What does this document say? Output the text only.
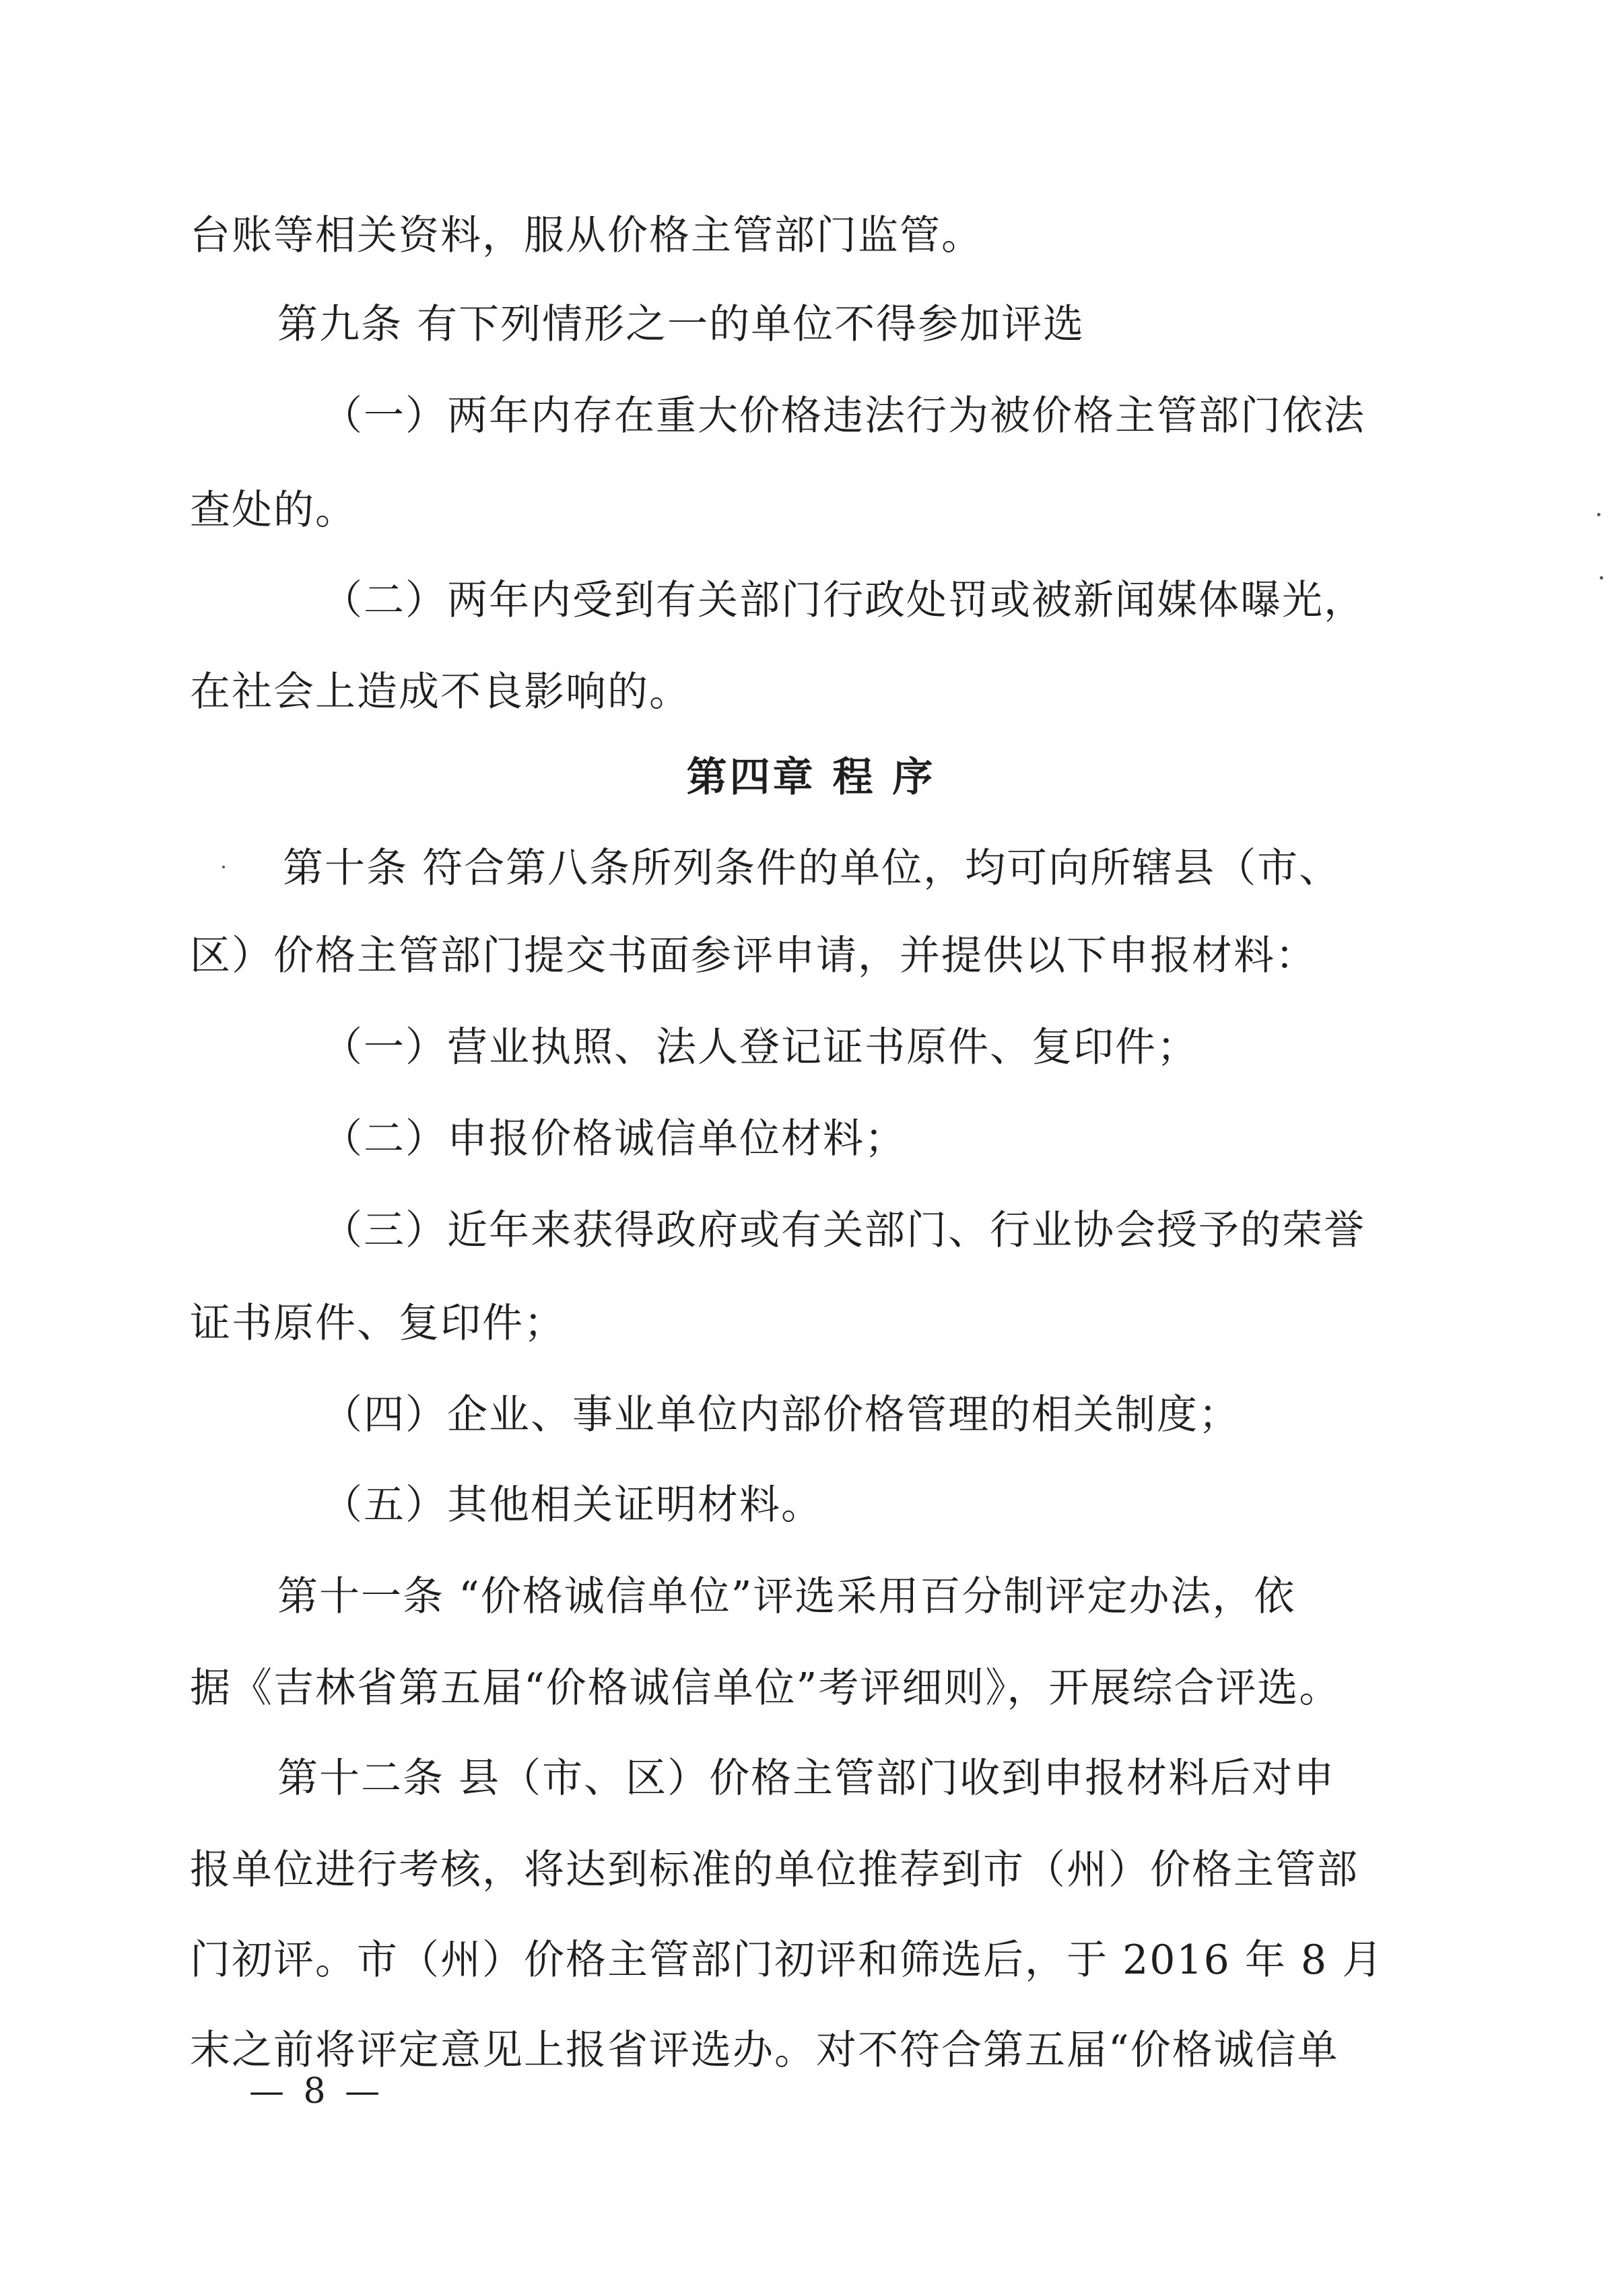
台账等相关资料，服从价格主管部门监管。
第九条 有下列情形之一的单位不得参加评选
（一）两年内存在重大价格违法行为被价格主管部门依法
查处的。
（二）两年内受到有关部门行政处罚或被新闻媒体曝光，
在社会上造成不良影响的。
第四章 程 序
第十条 符合第八条所列条件的单位，均可向所辖县（市、
区）价格主管部门提交书面参评申请，并提供以下申报材料：
（一）营业执照、法人登记证书原件、复印件；
（二）申报价格诚信单位材料；
（三）近年来获得政府或有关部门、行业协会授予的荣誉
证书原件、复印件；
（四）企业、事业单位内部价格管理的相关制度；
（五）其他相关证明材料。
第十一条 “价格诚信单位”评选采用百分制评定办法，依
据《吉林省第五届“价格诚信单位”考评细则》，开展综合评选。
第十二条 县（市、区）价格主管部门收到申报材料后对申
报单位进行考核，将达到标准的单位推荐到市（州）价格主管部
门初评。市（州）价格主管部门初评和筛选后，于 2016 年 8 月
末之前将评定意见上报省评选办。对不符合第五届“价格诚信单
— 8 —
